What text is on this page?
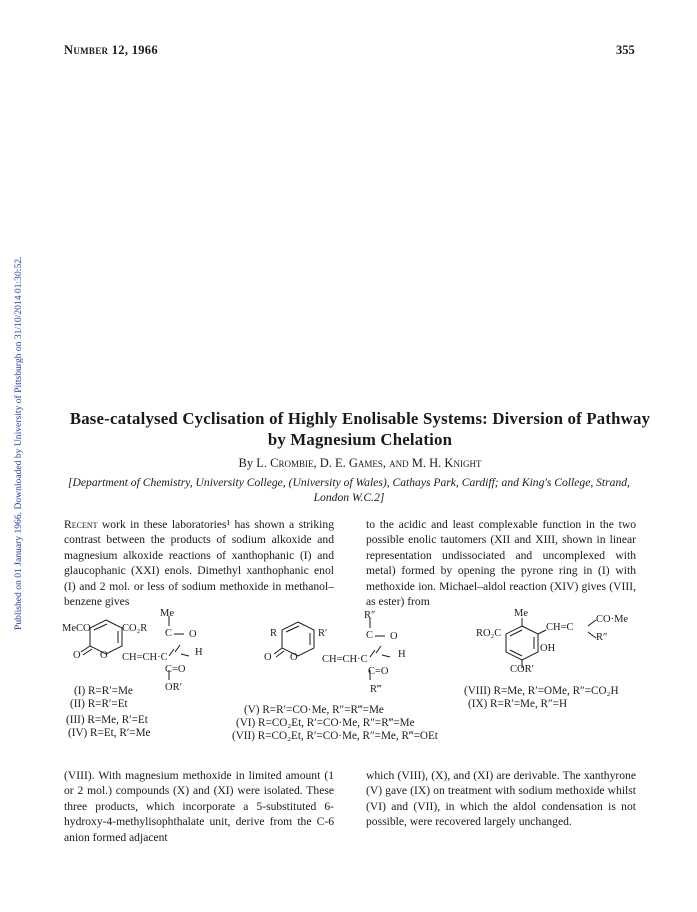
Number 12, 1966	355
Published on 01 January 1966. Downloaded by University of Pittsburgh on 31/10/2014 01:30:52.	Base-catalysed Cyclisation of Highly Enolisable Systems: Diversion of Pathway by Magnesium Chelation
By L. Crombie, D. E. Games, and M. H. Knight
[Department of Chemistry, University College, (University of Wales), Cathays Park, Cardiff; and King's College, Strand, London W.C.2]

Recent work in these laboratories¹ has shown a striking contrast between the products of sodium alkoxide and magnesium alkoxide reactions of xanthophanic (I) and glaucophanic (XXI) enols. Dimethyl xanthophanic enol (I) and 2 mol. or less of sodium methoxide in methanol–benzene gives

to the acidic and least complexable function in the two possible enolic tautomers (XII and XIII, shown in linear representation undissociated and uncomplexed with metal) formed by opening the pyrone ring in (I) with methoxide ion. Michael–aldol reaction (XIV) gives (VIII, as ester) from

Me
MeCO	CO₂R C O
O O CH=CH·C	H
C=O
OR′
(I) R=R′=Me
(II) R=R′=Et
(III) R=Me, R′=Et
(IV) R=Et, R′=Me
R″
R	R′	C O
O O CH=CH·C	H
C=O
R‴
(V) R=R′=CO·Me, R″=R‴=Me
(VI) R=CO₂Et, R′=CO·Me, R″=R‴=Me
(VII) R=CO₂Et, R′=CO·Me, R″=Me, R‴=OEt
Me
RO₂C
CH=C
CO·Me
R″
OH
COR′
(VIII) R=Me, R′=OMe, R″=CO₂H
(IX) R=R′=Me, R″=H

(VIII). With magnesium methoxide in limited amount (1 or 2 mol.) compounds (X) and (XI) were isolated. These three products, which incorporate a 5-substituted 6-hydroxy-4-methylisophthalate unit, derive from the C-6 anion formed adjacent

which (VIII), (X), and (XI) are derivable. The xanthyrone (V) gave (IX) on treatment with sodium methoxide whilst (VI) and (VII), in which the aldol condensation is not possible, were recovered largely unchanged.
